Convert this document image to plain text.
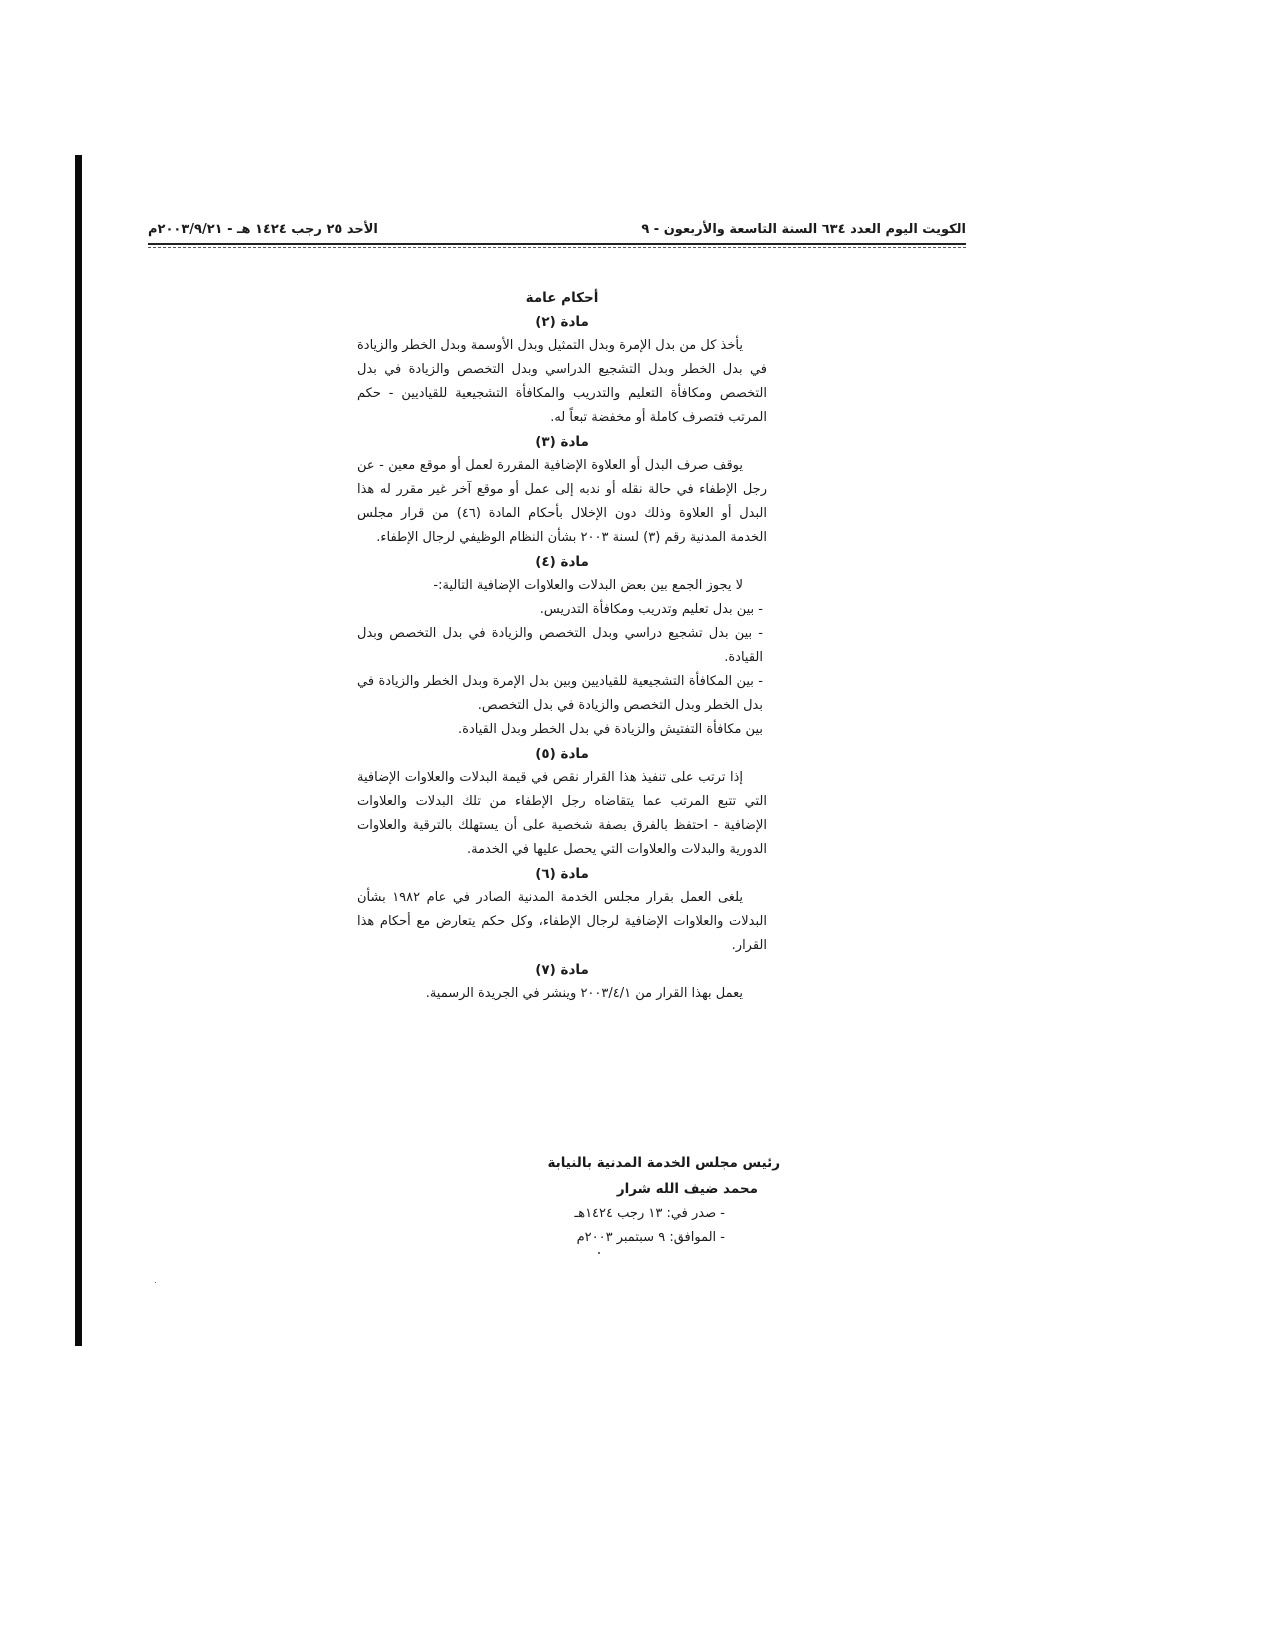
الكويت اليوم العدد ٦٣٤ السنة التاسعة والأربعون - ٩
الأحد ٢٥ رجب ١٤٢٤ هـ - ٢٠٠٣/٩/٢١م

أحكام عامة

مادة (٢)

يأخذ كل من بدل الإمرة وبدل التمثيل وبدل الأوسمة وبدل الخطر والزيادة في بدل الخطر وبدل التشجيع الدراسي وبدل التخصص والزيادة في بدل التخصص ومكافأة التعليم والتدريب والمكافأة التشجيعية للقياديين - حكم المرتب فتصرف كاملة أو مخفضة تبعاً له.

مادة (٣)

يوقف صرف البدل أو العلاوة الإضافية المقررة لعمل أو موقع معين - عن رجل الإطفاء في حالة نقله أو ندبه إلى عمل أو موقع آخر غير مقرر له هذا البدل أو العلاوة وذلك دون الإخلال بأحكام المادة (٤٦) من قرار مجلس الخدمة المدنية رقم (٣) لسنة ٢٠٠٣ بشأن النظام الوظيفي لرجال الإطفاء.

مادة (٤)

لا يجوز الجمع بين بعض البدلات والعلاوات الإضافية التالية:-

- بين بدل تعليم وتدريب ومكافأة التدريس.

- بين بدل تشجيع دراسي وبدل التخصص والزيادة في بدل التخصص وبدل القيادة.

- بين المكافأة التشجيعية للقياديين وبين بدل الإمرة وبدل الخطر والزيادة في بدل الخطر وبدل التخصص والزيادة في بدل التخصص.

بين مكافأة التفتيش والزيادة في بدل الخطر وبدل القيادة.

مادة (٥)

إذا ترتب على تنفيذ هذا القرار نقص في قيمة البدلات والعلاوات الإضافية التي تتبع المرتب عما يتقاضاه رجل الإطفاء من تلك البدلات والعلاوات الإضافية - احتفظ بالفرق بصفة شخصية على أن يستهلك بالترقية والعلاوات الدورية والبدلات والعلاوات التي يحصل عليها في الخدمة.

مادة (٦)

يلغى العمل بقرار مجلس الخدمة المدنية الصادر في عام ١٩٨٢ بشأن البدلات والعلاوات الإضافية لرجال الإطفاء، وكل حكم يتعارض مع أحكام هذا القرار.

مادة (٧)

يعمل بهذا القرار من ٢٠٠٣/٤/١ وينشر في الجريدة الرسمية.

رئيس مجلس الخدمة المدنية بالنيابة
محمد ضيف الله شرار
- صدر في: ١٣ رجب ١٤٢٤هـ
- الموافق: ٩ سبتمبر ٢٠٠٣م
